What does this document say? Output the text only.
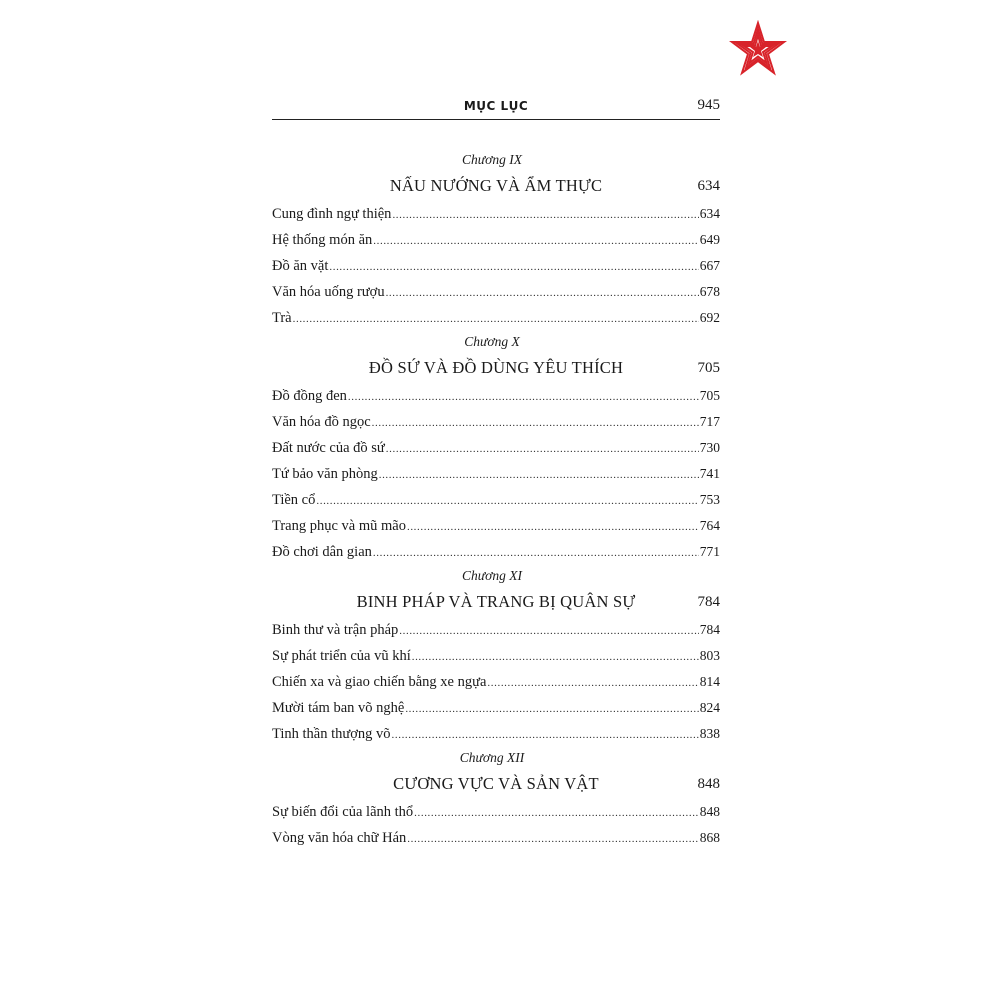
MỤC LỤC	945
Chương IX
NẤU NƯỚNG VÀ ẨM THỰC	634
Cung đình ngự thiện .....	634
Hệ thống món ăn .....	649
Đồ ăn vặt .....	667
Văn hóa uống rượu .....	678
Trà .....	692
Chương X
ĐỒ SỨ VÀ ĐỒ DÙNG YÊU THÍCH	705
Đồ đồng đen .....	705
Văn hóa đồ ngọc .....	717
Đất nước của đồ sứ .....	730
Tứ bảo văn phòng .....	741
Tiền cổ .....	753
Trang phục và mũ mão .....	764
Đồ chơi dân gian .....	771
Chương XI
BINH PHÁP VÀ TRANG BỊ QUÂN SỰ	784
Binh thư và trận pháp .....	784
Sự phát triển của vũ khí .....	803
Chiến xa và giao chiến bằng xe ngựa .....	814
Mười tám ban võ nghệ .....	824
Tinh thần thượng võ .....	838
Chương XII
CƯƠNG VỰC VÀ SẢN VẬT	848
Sự biến đổi của lãnh thổ .....	848
Vòng văn hóa chữ Hán .....	868
